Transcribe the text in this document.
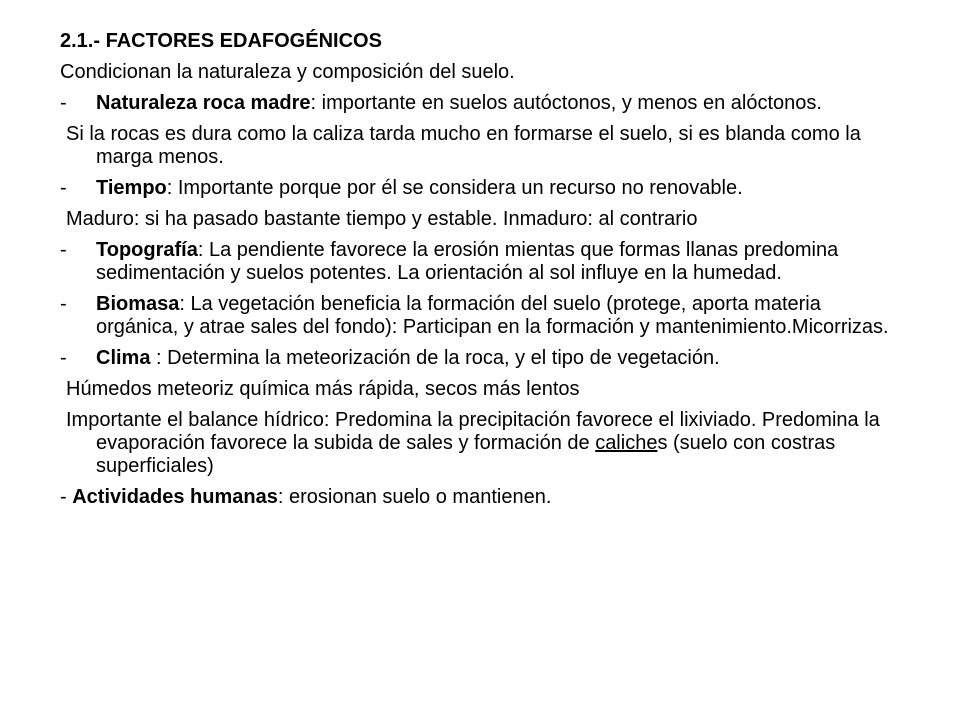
2.1.- FACTORES EDAFOGÉNICOS
Condicionan la naturaleza y composición del suelo.
- Naturaleza roca madre: importante en suelos autóctonos, y menos en alóctonos.
Si la rocas es dura como la caliza tarda mucho en formarse el suelo, si es blanda como la marga menos.
- Tiempo: Importante porque por él se considera un recurso no renovable.
Maduro: si ha pasado bastante tiempo y estable. Inmaduro: al contrario
- Topografía: La pendiente favorece la erosión mientas que formas llanas predomina sedimentación y suelos potentes. La orientación al sol influye en la humedad.
- Biomasa: La vegetación beneficia la formación del suelo (protege, aporta materia orgánica, y atrae sales del fondo): Participan en la formación y mantenimiento.Micorrizas.
- Clima : Determina la meteorización de la roca, y el tipo de vegetación.
Húmedos meteoriz química más rápida, secos más lentos
Importante el balance hídrico: Predomina la precipitación favorece el lixiviado. Predomina la evaporación favorece la subida de sales y formación de caliches (suelo con costras superficiales)
- Actividades humanas: erosionan suelo o mantienen.
